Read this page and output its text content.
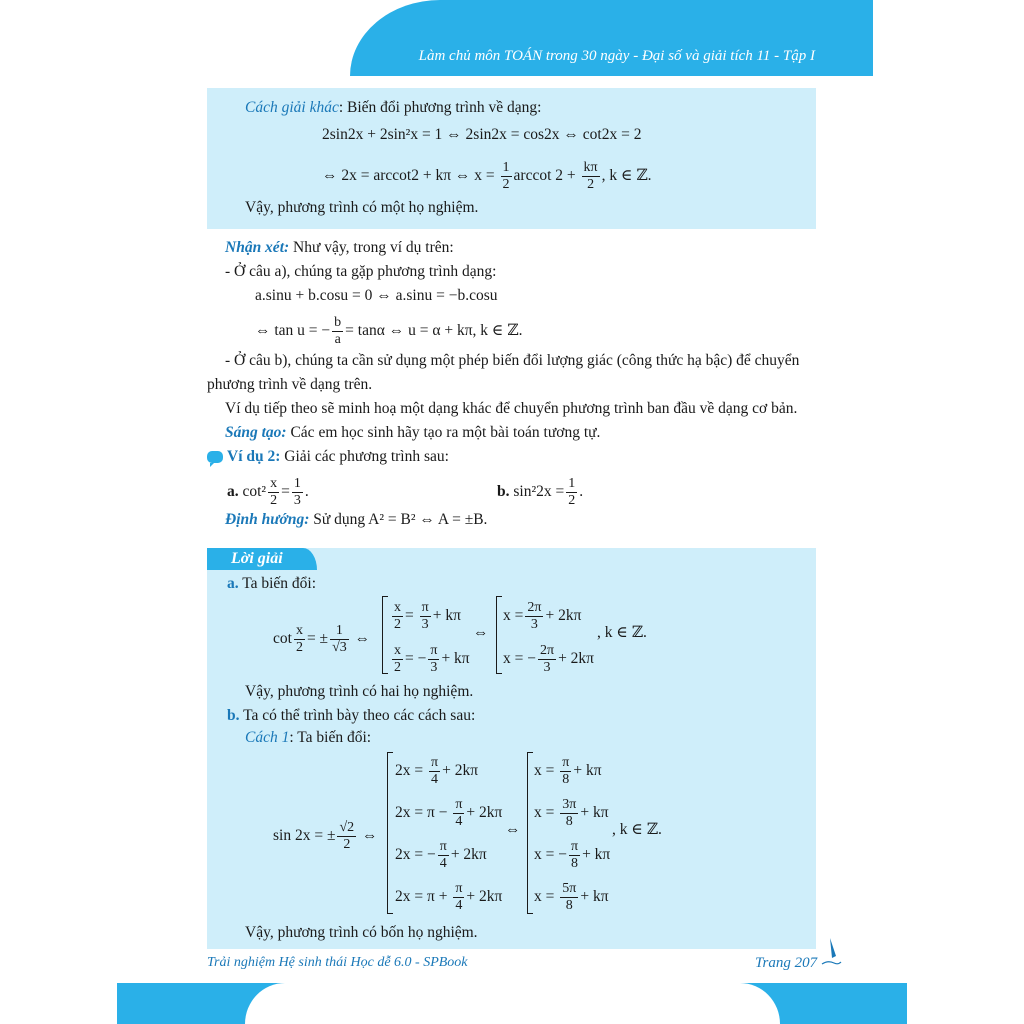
Làm chủ môn TOÁN trong 30 ngày - Đại số và giải tích 11 - Tập I
Cách giải khác: Biến đổi phương trình về dạng:
2sin2x + 2sin²x = 1 ⇔ 2sin2x = cos2x ⇔ cot2x = 2
⇔ 2x = arccot2 + kπ ⇔ $x = \frac{1}{2}$ arccot $2 + \frac{k\pi}{2}$ , k ∈ ℤ.
Vậy, phương trình có một họ nghiệm.
Nhận xét: Như vậy, trong ví dụ trên:
- Ở câu a), chúng ta gặp phương trình dạng:
a.sinu + b.cosu = 0 ⇔ a.sinu = −b.cosu
⇔ tan u = − $\frac{b}{a} = \tan\alpha$ ⇔ u = α + kπ, k ∈ ℤ.
- Ở câu b), chúng ta cần sử dụng một phép biến đổi lượng giác (công thức hạ bậc) để chuyển
phương trình về dạng trên.
Ví dụ tiếp theo sẽ minh hoạ một dạng khác để chuyển phương trình ban đầu về dạng cơ bản.
Sáng tạo: Các em học sinh hãy tạo ra một bài toán tương tự.
Ví dụ 2: Giải các phương trình sau:
a. $\cot^2 \frac{x}{2} = \frac{1}{3}$ .	b. $\sin^22x = \frac{1}{2}$ .
Định hướng: Sử dụng A² = B² ⇔ A = ±B.
Lời giải
a. Ta biến đổi:
$\cot \frac{x}{2}$ = ± $\frac{1}{√3}$ ⇔
$\frac{x}{2} = \frac{\pi}{3} + k\pi$
$\frac{x}{2}$ = − $\frac{\pi}{3} + k\pi$
⇔
$x = \frac{2\pi}{3} + 2k\pi$
x = − $\frac{2\pi}{3} + 2k\pi$
, k ∈ ℤ.
Vậy, phương trình có hai họ nghiệm.
b. Ta có thể trình bày theo các cách sau:
Cách 1: Ta biến đổi:
sin 2x = ± $\frac{√2}{2}$ ⇔
$2x = \frac{\pi}{4} + 2k\pi$
$2x = \pi - \frac{\pi}{4} + 2k\pi$
2x = − $\frac{\pi}{4} + 2k\pi$
$2x = \pi + \frac{\pi}{4} + 2k\pi$
⇔
$x = \frac{\pi}{8} + k\pi$
$x = \frac{3\pi}{8} + k\pi$
x = − $\frac{\pi}{8} + k\pi$
$x = \frac{5\pi}{8} + k\pi$
, k ∈ ℤ.
Vậy, phương trình có bốn họ nghiệm.
Trải nghiệm Hệ sinh thái Học dễ 6.0 - SPBook	Trang 207
